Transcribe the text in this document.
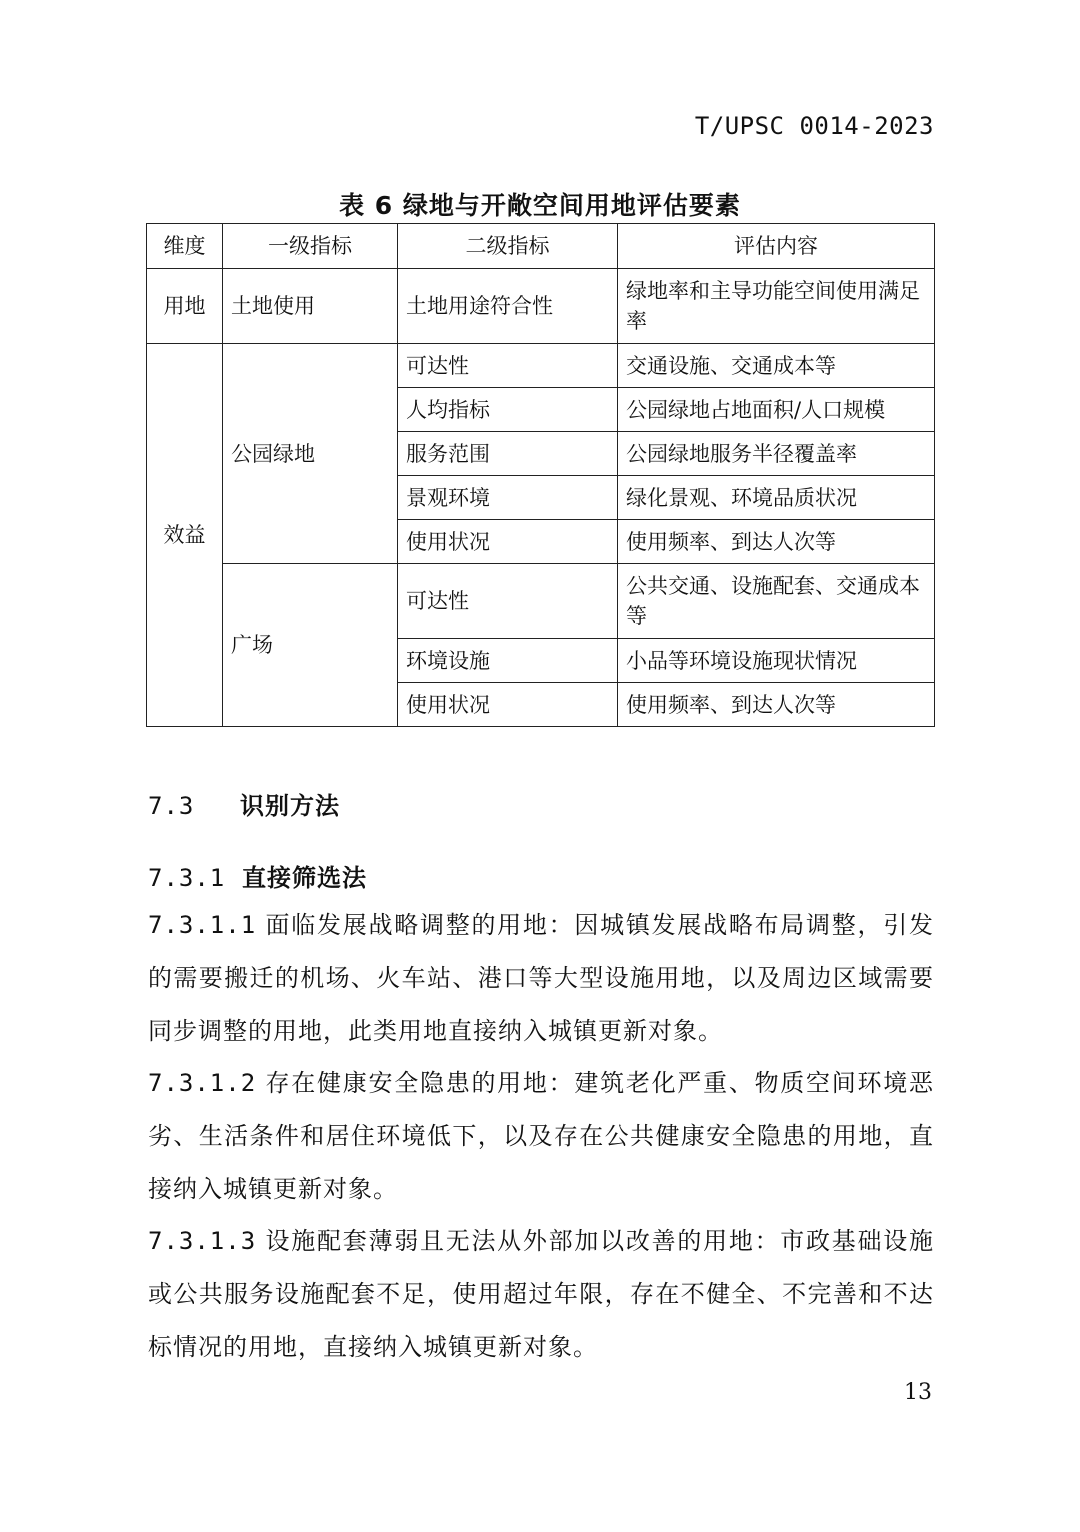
T/UPSC 0014-2023
表 6 绿地与开敞空间用地评估要素
维度	一级指标	二级指标	评估内容
用地	土地使用	土地用途符合性	绿地率和主导功能空间使用满足率
效益	公园绿地	可达性	交通设施、交通成本等
		人均指标	公园绿地占地面积/人口规模
		服务范围	公园绿地服务半径覆盖率
		景观环境	绿化景观、环境品质状况
		使用状况	使用频率、到达人次等
	广场	可达性	公共交通、设施配套、交通成本等
		环境设施	小品等环境设施现状情况
		使用状况	使用频率、到达人次等
7.3 识别方法
7.3.1 直接筛选法
7.3.1.1 面临发展战略调整的用地：因城镇发展战略布局调整，引发的需要搬迁的机场、火车站、港口等大型设施用地，以及周边区域需要同步调整的用地，此类用地直接纳入城镇更新对象。
7.3.1.2 存在健康安全隐患的用地：建筑老化严重、物质空间环境恶劣、生活条件和居住环境低下，以及存在公共健康安全隐患的用地，直接纳入城镇更新对象。
7.3.1.3 设施配套薄弱且无法从外部加以改善的用地：市政基础设施或公共服务设施配套不足，使用超过年限，存在不健全、不完善和不达标情况的用地，直接纳入城镇更新对象。
13
